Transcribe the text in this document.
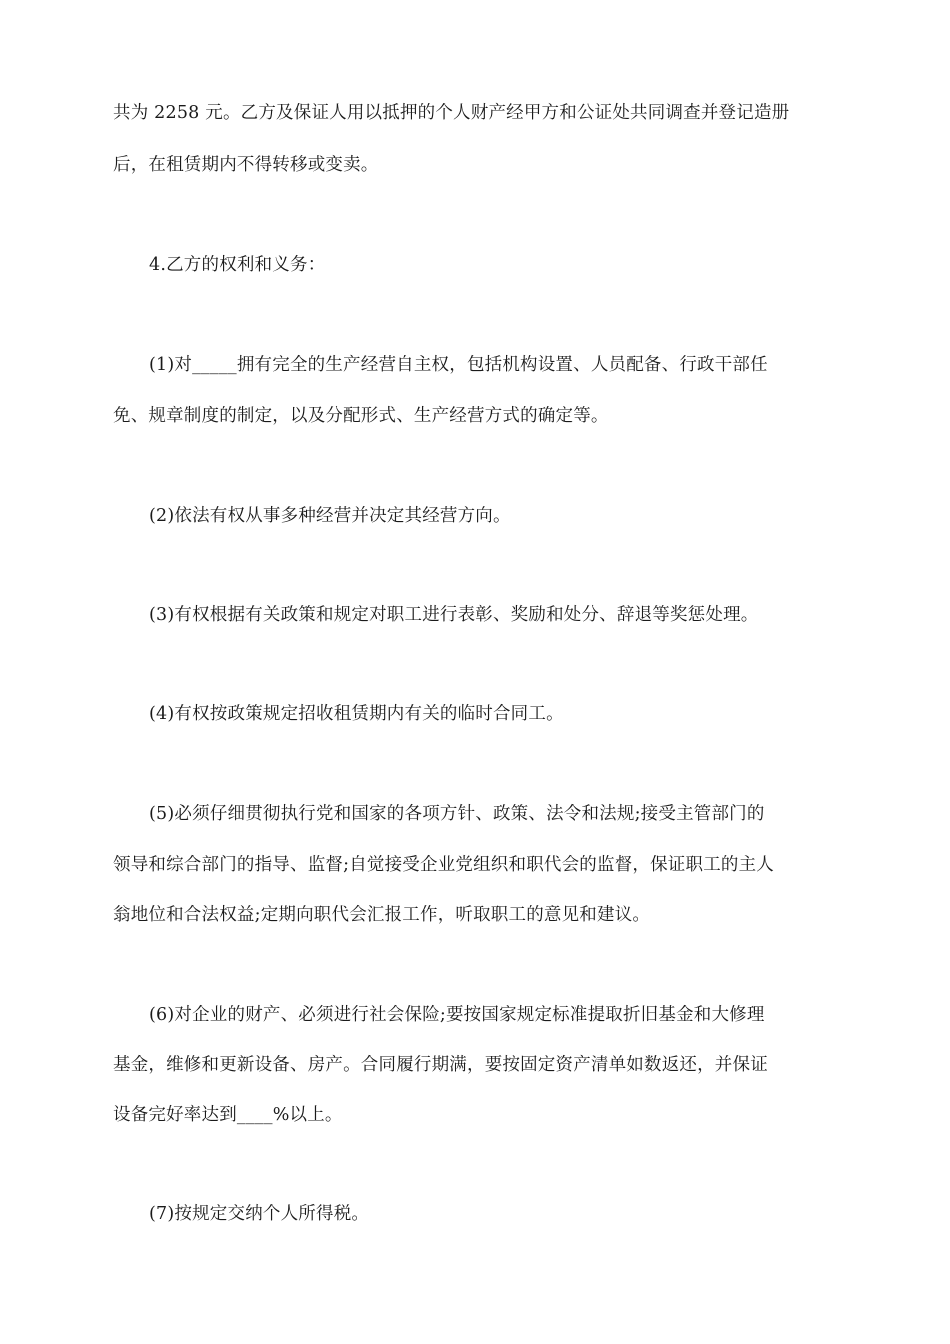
共为 2258 元。乙方及保证人用以抵押的个人财产经甲方和公证处共同调查并登记造册
后，在租赁期内不得转移或变卖。
4.乙方的权利和义务：
(1)对_____拥有完全的生产经营自主权，包括机构设置、人员配备、行政干部任
免、规章制度的制定，以及分配形式、生产经营方式的确定等。
(2)依法有权从事多种经营并决定其经营方向。
(3)有权根据有关政策和规定对职工进行表彰、奖励和处分、辞退等奖惩处理。
(4)有权按政策规定招收租赁期内有关的临时合同工。
(5)必须仔细贯彻执行党和国家的各项方针、政策、法令和法规;接受主管部门的
领导和综合部门的指导、监督;自觉接受企业党组织和职代会的监督，保证职工的主人
翁地位和合法权益;定期向职代会汇报工作，听取职工的意见和建议。
(6)对企业的财产、必须进行社会保险;要按国家规定标准提取折旧基金和大修理
基金，维修和更新设备、房产。合同履行期满，要按固定资产清单如数返还，并保证
设备完好率达到____%以上。
(7)按规定交纳个人所得税。
